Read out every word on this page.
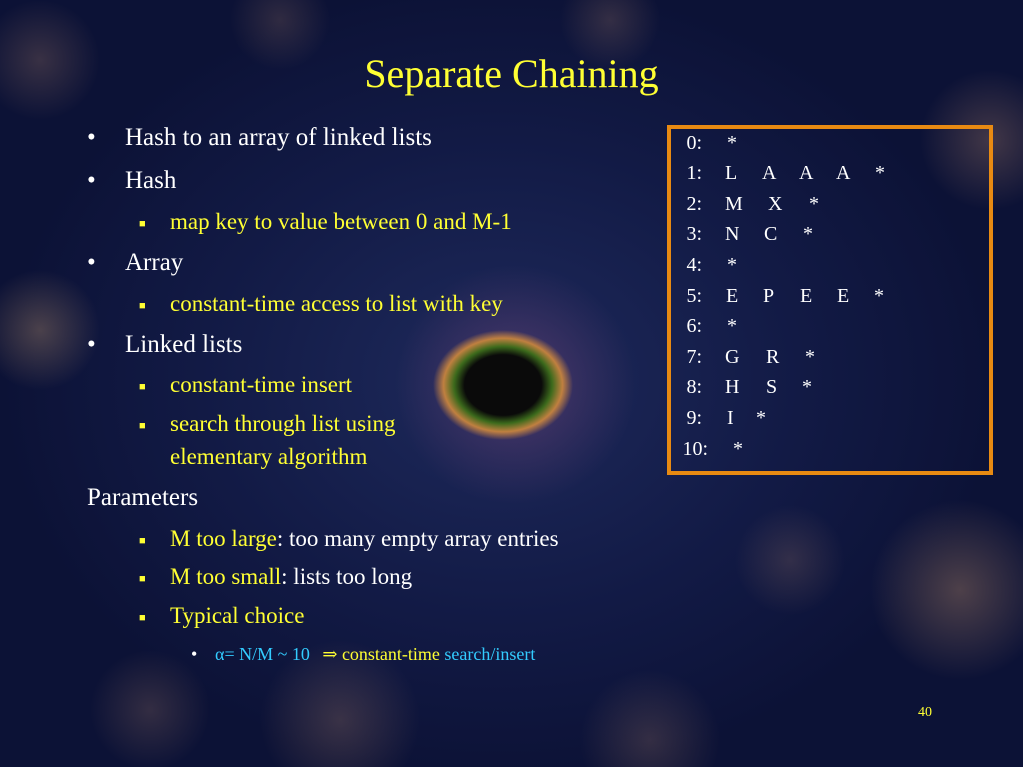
Separate Chaining
• Hash to an array of linked lists
• Hash
■ map key to value between 0 and M-1
• Array
■ constant-time access to list with key
• Linked lists
■ constant-time insert
■ search through list using
elementary algorithm
Parameters
■ M too large: too many empty array entries
■ M too small: lists too long
■ Typical choice
• α= N/M ~ 10 ⇒ constant-time search/insert
0: *
1: L A A A *
2: M X *
3: N C *
4: *
5: E P E E *
6: *
7: G R *
8: H S *
9: I *
10: *
40
